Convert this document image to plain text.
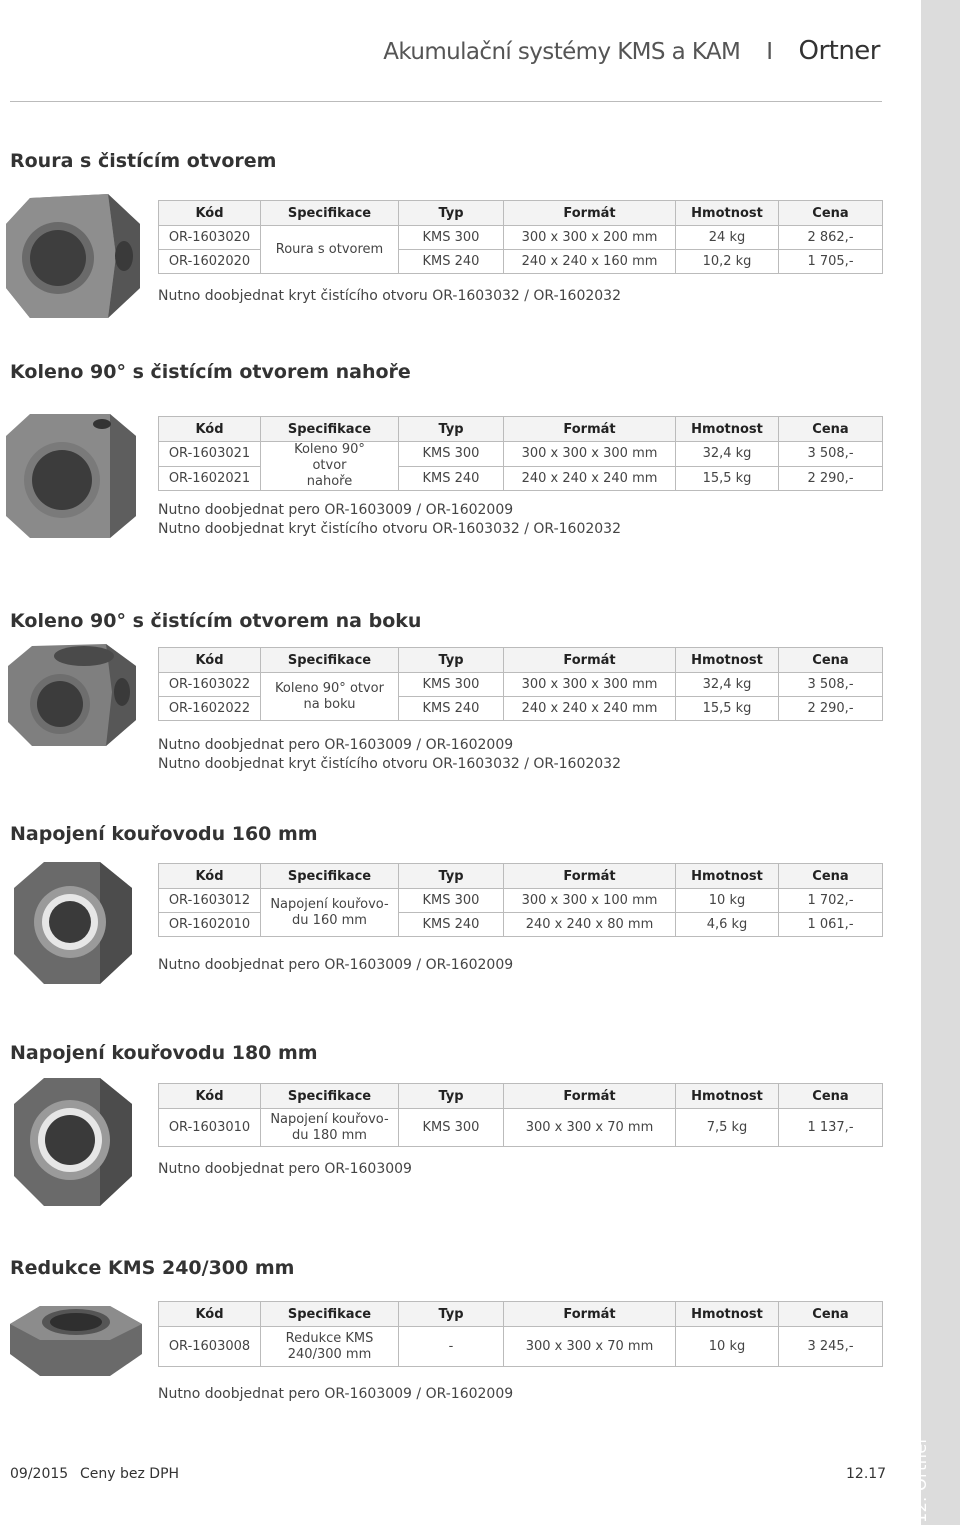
Akumulační systémy KMS a KAM I Ortner
12. Ortner
Roura s čistícím otvorem
Kód	Specifikace	Typ	Formát	Hmotnost	Cena
OR-1603020	Roura s otvorem	KMS 300	300 x 300 x 200 mm	24 kg	2 862,-
OR-1602020		KMS 240	240 x 240 x 160 mm	10,2 kg	1 705,-
Nutno doobjednat kryt čistícího otvoru OR-1603032 / OR-1602032
Koleno 90° s čistícím otvorem nahoře
Kód	Specifikace	Typ	Formát	Hmotnost	Cena
OR-1603021	Koleno 90° otvor nahoře	KMS 300	300 x 300 x 300 mm	32,4 kg	3 508,-
OR-1602021		KMS 240	240 x 240 x 240 mm	15,5 kg	2 290,-
Nutno doobjednat pero OR-1603009 / OR-1602009
Nutno doobjednat kryt čistícího otvoru OR-1603032 / OR-1602032
Koleno 90° s čistícím otvorem na boku
Kód	Specifikace	Typ	Formát	Hmotnost	Cena
OR-1603022	Koleno 90° otvor na boku	KMS 300	300 x 300 x 300 mm	32,4 kg	3 508,-
OR-1602022		KMS 240	240 x 240 x 240 mm	15,5 kg	2 290,-
Nutno doobjednat pero OR-1603009 / OR-1602009
Nutno doobjednat kryt čistícího otvoru OR-1603032 / OR-1602032
Napojení kouřovodu 160 mm
Kód	Specifikace	Typ	Formát	Hmotnost	Cena
OR-1603012	Napojení kouřovo-du 160 mm	KMS 300	300 x 300 x 100 mm	10 kg	1 702,-
OR-1602010		KMS 240	240 x 240 x 80 mm	4,6 kg	1 061,-
Nutno doobjednat pero OR-1603009 / OR-1602009
Napojení kouřovodu 180 mm
Kód	Specifikace	Typ	Formát	Hmotnost	Cena
OR-1603010	Napojení kouřovo-du 180 mm	KMS 300	300 x 300 x 70 mm	7,5 kg	1 137,-
Nutno doobjednat pero OR-1603009
Redukce KMS 240/300 mm
Kód	Specifikace	Typ	Formát	Hmotnost	Cena
OR-1603008	Redukce KMS 240/300 mm	-	300 x 300 x 70 mm	10 kg	3 245,-
Nutno doobjednat pero OR-1603009 / OR-1602009
09/2015 Ceny bez DPH	12.17
